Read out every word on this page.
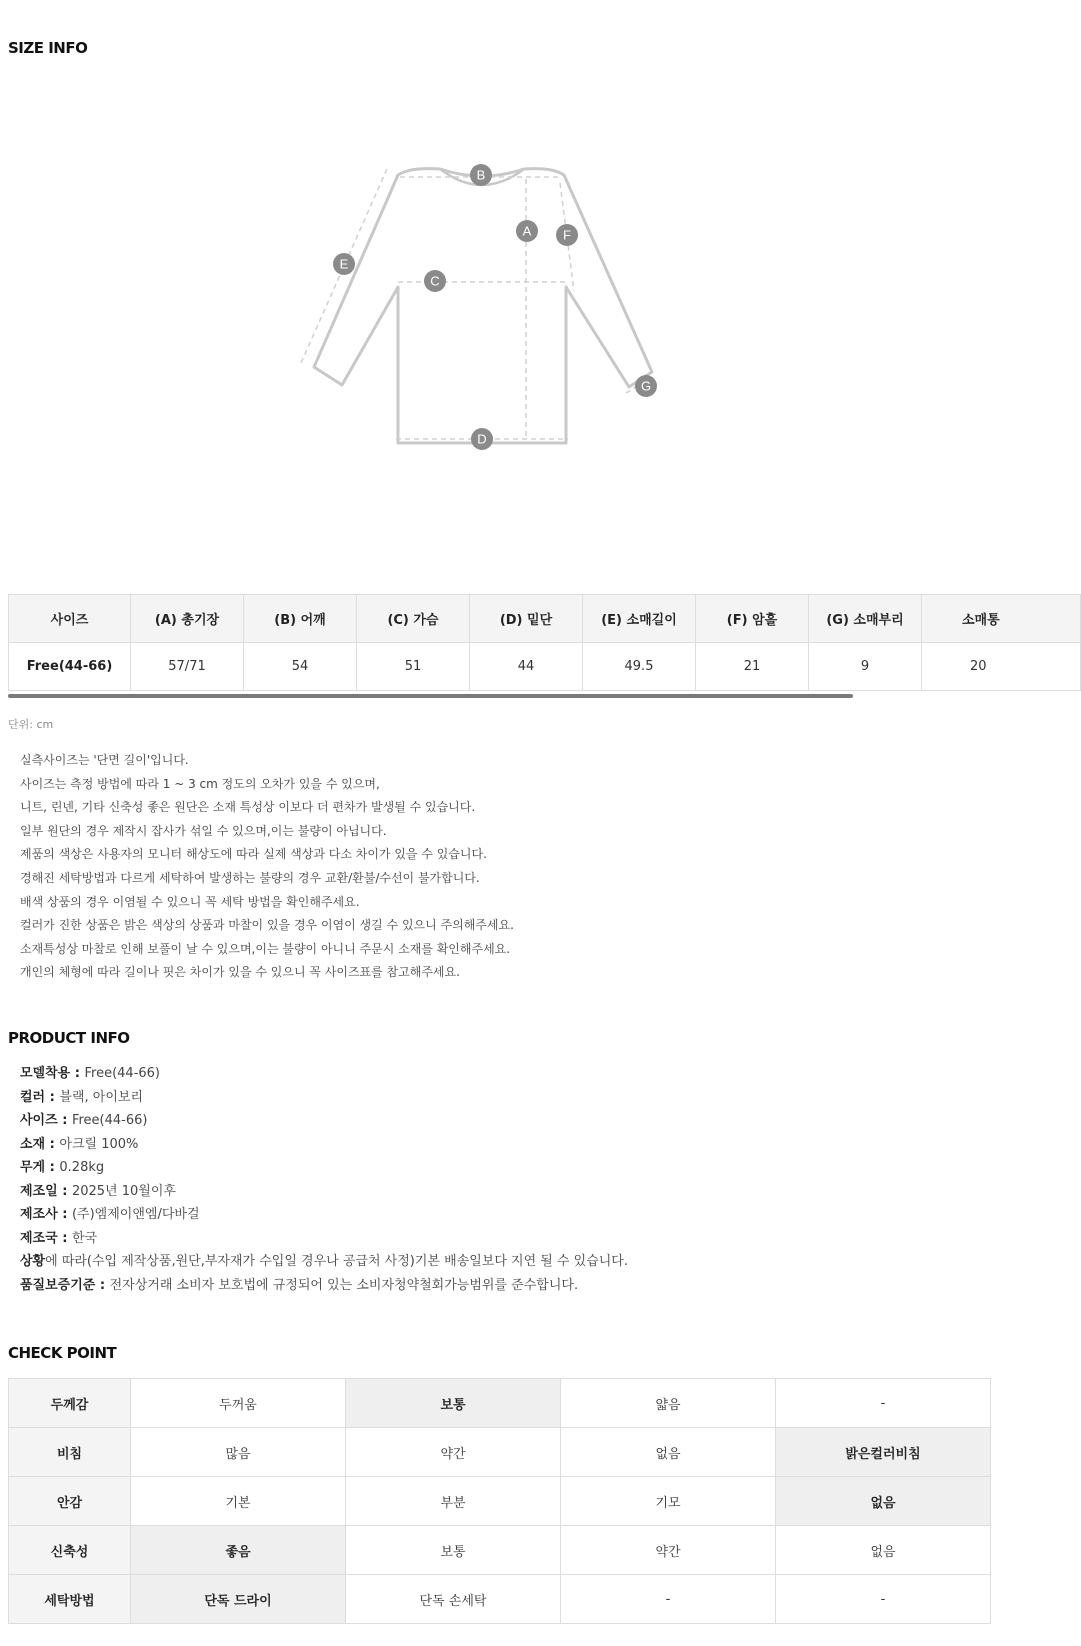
SIZE INFO
B
A F
E
C
G
D
사이즈	(A) 총기장	(B) 어깨	(C) 가슴	(D) 밑단	(E) 소매길이	(F) 암홀	(G) 소매부리	소매통
Free(44-66)	57/71	54	51	44	49.5	21	9	20

단위: cm

실측사이즈는 '단면 길이'입니다.
사이즈는 측정 방법에 따라 1 ~ 3 cm 정도의 오차가 있을 수 있으며,
니트, 린넨, 기타 신축성 좋은 원단은 소재 특성상 이보다 더 편차가 발생될 수 있습니다.
일부 원단의 경우 제작시 잡사가 섞일 수 있으며,이는 불량이 아닙니다.
제품의 색상은 사용자의 모니터 해상도에 따라 실제 색상과 다소 차이가 있을 수 있습니다.
경해진 세탁방법과 다르게 세탁하여 발생하는 불량의 경우 교환/환불/수선이 불가합니다.
배색 상품의 경우 이염될 수 있으니 꼭 세탁 방법을 확인해주세요.
컬러가 진한 상품은 밝은 색상의 상품과 마찰이 있을 경우 이염이 생길 수 있으니 주의해주세요.
소재특성상 마찰로 인해 보풀이 날 수 있으며,이는 불량이 아니니 주문시 소재를 확인해주세요.
개인의 체형에 따라 길이나 핏은 차이가 있을 수 있으니 꼭 사이즈표를 참고해주세요.
PRODUCT INFO
모델착용 : Free(44-66)
컬러 : 블랙, 아이보리
사이즈 : Free(44-66)
소재 : 아크릴 100%
무게 : 0.28kg
제조일 : 2025년 10월이후
제조사 : (주)엠제이앤엠/다바걸
제조국 : 한국
상황에 따라(수입 제작상품,원단,부자재가 수입일 경우나 공급처 사정)기본 배송일보다 지연 될 수 있습니다.
품질보증기준 : 전자상거래 소비자 보호법에 규정되어 있는 소비자청약철회가능범위를 준수합니다.
CHECK POINT
두께감	두꺼움	보통	얇음	-
비침	많음	약간	없음	밝은컬러비침
안감	기본	부분	기모	없음
신축성	좋음	보통	약간	없음
세탁방법	단독 드라이	단독 손세탁	-	-
